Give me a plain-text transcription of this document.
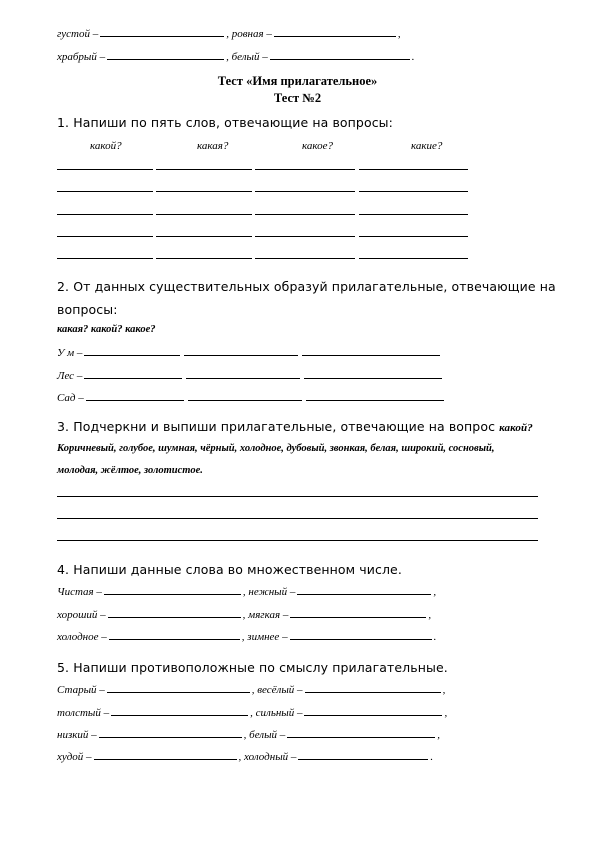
густой –	, ровная –	,
храбрый –	, белый –	.
Тест «Имя прилагательное»
Тест №2
1. Напиши по пять слов, отвечающие на вопросы:
какой?	какая?	какое?	какие?
2. От данных существительных образуй прилагательные, отвечающие на
вопросы:
какая? какой? какое?
У м –
Лес –
Сад –
3. Подчеркни и выпиши прилагательные, отвечающие на вопрос какой?
Коричневый, голубое, шумная, чёрный, холодное, дубовый, звонкая, белая, широкий, сосновый,
молодая, жёлтое, золотистое.
4. Напиши данные слова во множественном числе.
Чистая –	, нежный –	,
хороший –	, мягкая –	,
холодное –	, зимнее –	.
5. Напиши противоположные по смыслу прилагательные.
Старый –	, весёлый –	,
толстый –	, сильный –	,
низкий –	, белый –	,
худой –	, холодный –	.
